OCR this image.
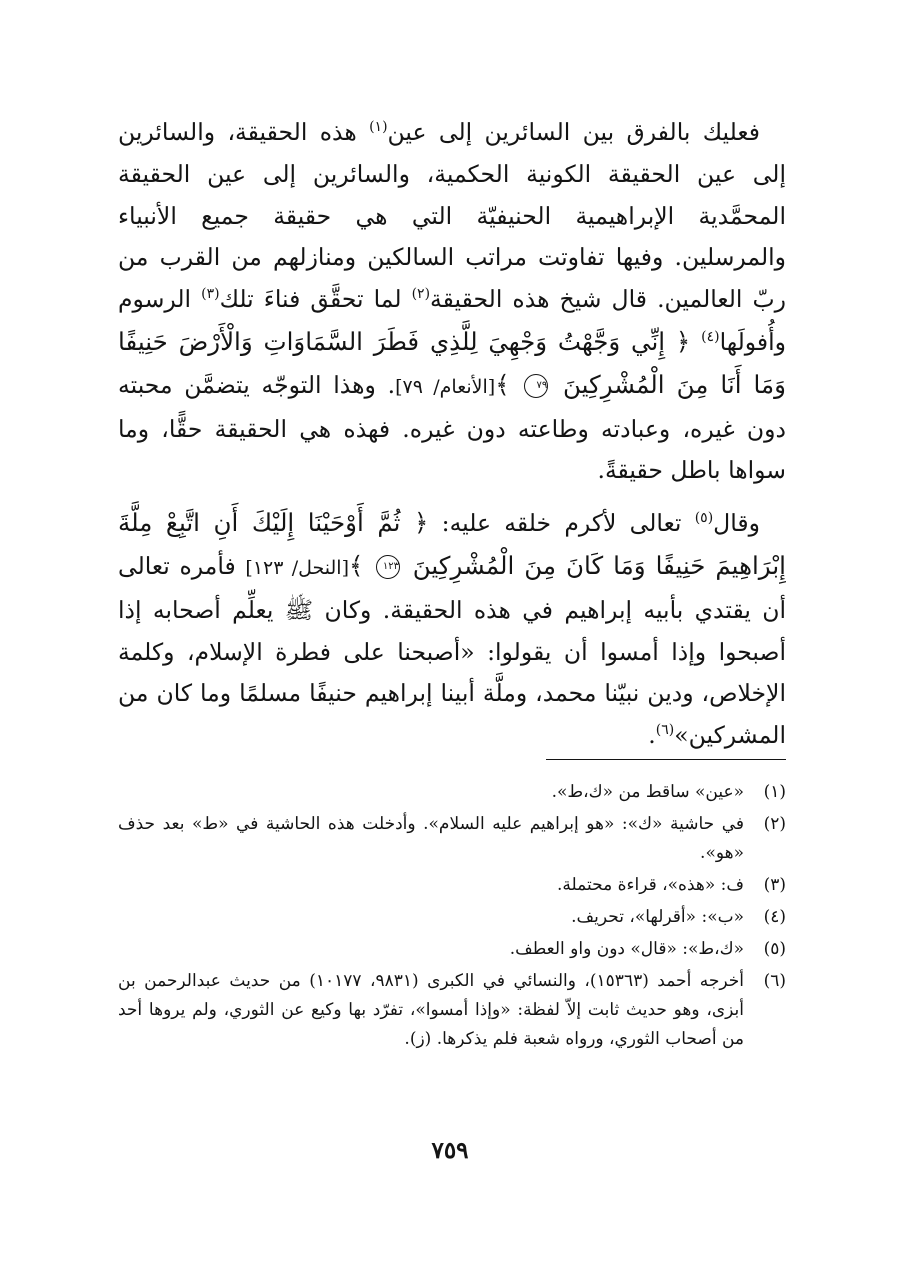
فعليك بالفرق بين السائرين إلى عين$^{(١)}$ هذه الحقيقة، والسائرين إلى عين الحقيقة الكونية الحكمية، والسائرين إلى عين الحقيقة المحمَّدية الإبراهيمية الحنيفيّة التي هي حقيقة جميع الأنبياء والمرسلين. وفيها تفاوتت مراتب السالكين ومنازلهم من القرب من ربّ العالمين. قال شيخ هذه الحقيقة$^{(٢)}$ لما تحقَّق فناءَ تلك$^{(٣)}$ الرسوم وأُفولَها$^{(٤)}$ ﴿ إِنِّي وَجَّهْتُ وَجْهِيَ لِلَّذِي فَطَرَ السَّمَاوَاتِ وَالْأَرْضَ حَنِيفًا وَمَا أَنَا مِنَ الْمُشْرِكِينَ ٧٩ ﴾[الأنعام/ ٧٩]. وهذا التوجّه يتضمَّن محبته دون غيره، وعبادته وطاعته دون غيره. فهذه هي الحقيقة حقًّا، وما سواها باطل حقيقةً.

وقال$^{(٥)}$ تعالى لأكرم خلقه عليه: ﴿ ثُمَّ أَوْحَيْنَا إِلَيْكَ أَنِ اتَّبِعْ مِلَّةَ إِبْرَاهِيمَ حَنِيفًا وَمَا كَانَ مِنَ الْمُشْرِكِينَ ١٢٣ ﴾[النحل/ ١٢٣] فأمره تعالى أن يقتدي بأبيه إبراهيم في هذه الحقيقة. وكان ﷺ يعلِّم أصحابه إذا أصبحوا وإذا أمسوا أن يقولوا: «أصبحنا على فطرة الإسلام، وكلمة الإخلاص، ودين نبيّنا محمد، وملَّة أبينا إبراهيم حنيفًا مسلمًا وما كان من المشركين»$^{(٦)}$.

(١)
«عين» ساقط من «ك،ط».
(٢)
في حاشية «ك»: «هو إبراهيم عليه السلام». وأدخلت هذه الحاشية في «ط» بعد حذف «هو».
(٣)
ف: «هذه»، قراءة محتملة.
(٤)
«ب»: «أقرلها»، تحريف.
(٥)
«ك،ط»: «قال» دون واو العطف.
(٦)
أخرجه أحمد (١٥٣٦٣)، والنسائي في الكبرى (٩٨٣١، ١٠١٧٧) من حديث عبدالرحمن بن أبزى، وهو حديث ثابت إلاّ لفظة: «وإذا أمسوا»، تفرّد بها وكيع عن الثوري، ولم يروها أحد من أصحاب الثوري، ورواه شعبة فلم يذكرها. (ز).
٧٥٩
